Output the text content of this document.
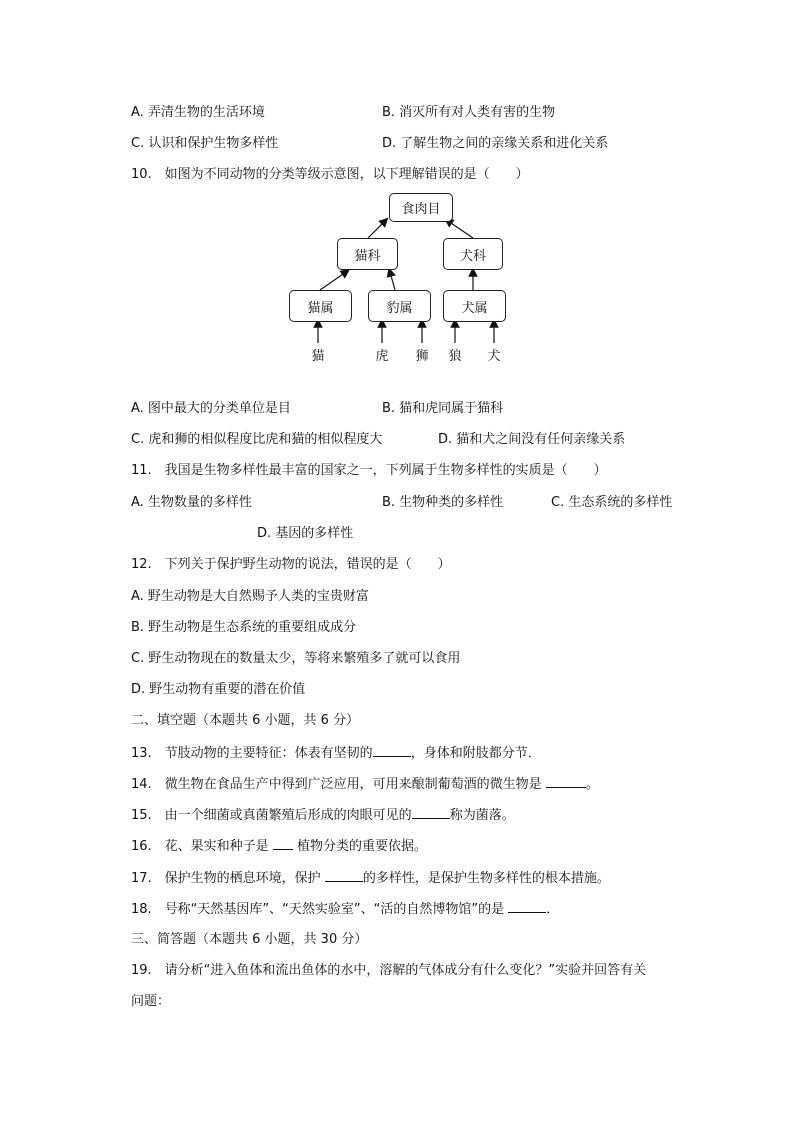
A. 弄清生物的生活环境	B. 消灭所有对人类有害的生物
C. 认识和保护生物多样性	D. 了解生物之间的亲缘关系和进化关系
10.　如图为不同动物的分类等级示意图，以下理解错误的是（　　）
食肉目
猫科	犬科
猫属	豹属	犬属
猫	虎	狮	狼	犬
A. 图中最大的分类单位是目	B. 猫和虎同属于猫科
C. 虎和狮的相似程度比虎和猫的相似程度大	D. 猫和犬之间没有任何亲缘关系
11.　我国是生物多样性最丰富的国家之一，下列属于生物多样性的实质是（　　）
A. 生物数量的多样性	B. 生物种类的多样性	C. 生态系统的多样性
D. 基因的多样性
12.　下列关于保护野生动物的说法，错误的是（　　）
A. 野生动物是大自然赐予人类的宝贵财富
B. 野生动物是生态系统的重要组成成分
C. 野生动物现在的数量太少，等将来繁殖多了就可以食用
D. 野生动物有重要的潜在价值
二、填空题（本题共 6 小题，共 6 分）
13.　节肢动物的主要特征：体表有坚韧的	，身体和附肢都分节．
14.　微生物在食品生产中得到广泛应用，可用来酿制葡萄酒的微生物是	。
15.　由一个细菌或真菌繁殖后形成的肉眼可见的	称为菌落。
16.　花、果实和种子是  植物分类的重要依据。
17.　保护生物的栖息环境，保护	的多样性，是保护生物多样性的根本措施。
18.　号称“天然基因库”、“天然实验室”、“活的自然博物馆”的是	．
三、简答题（本题共 6 小题，共 30 分）
19.　请分析“进入鱼体和流出鱼体的水中，溶解的气体成分有什么变化？”实验并回答有关
问题：
